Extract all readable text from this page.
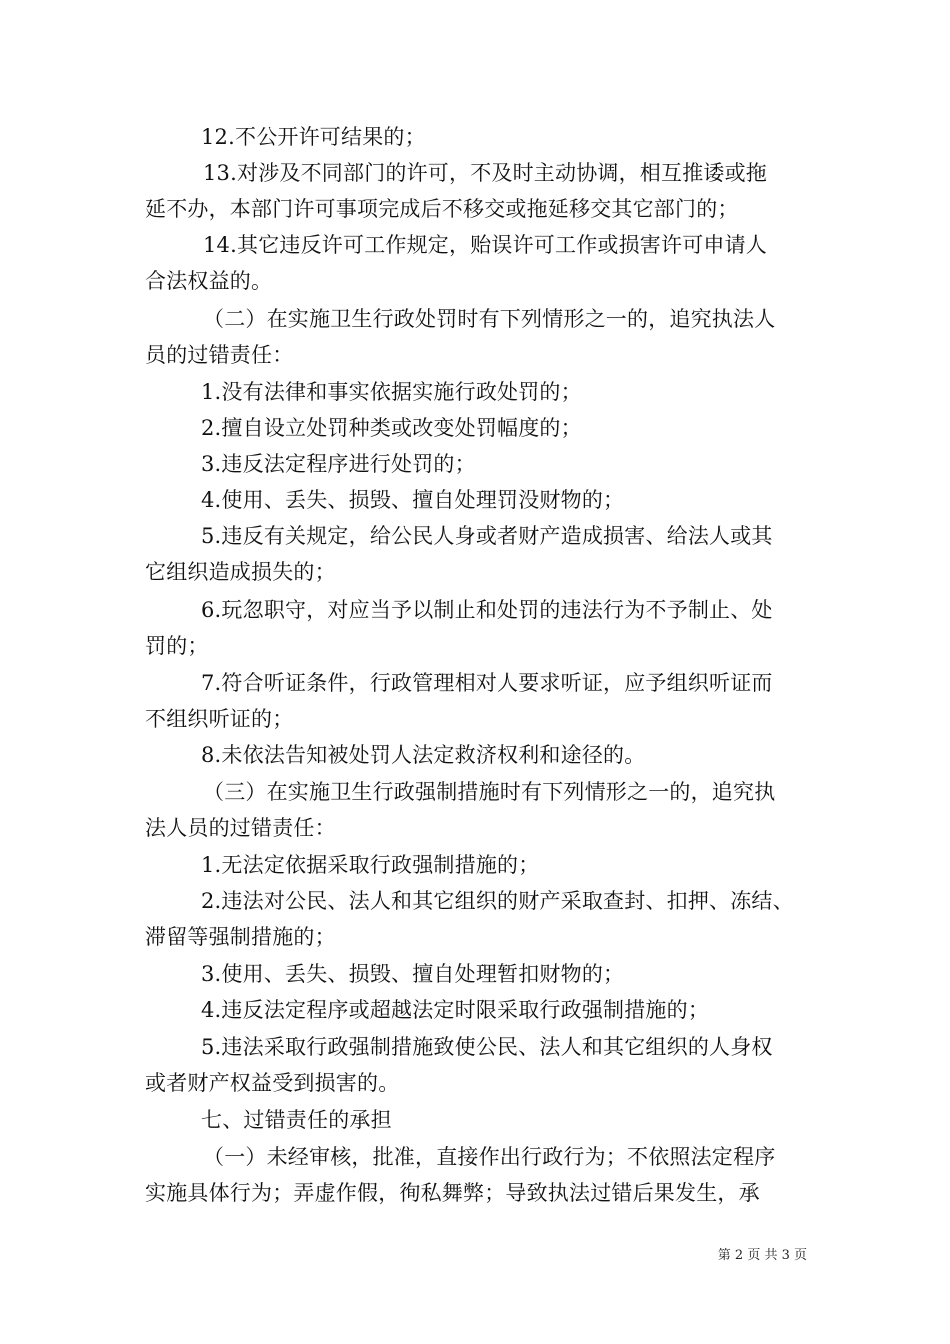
12.不公开许可结果的；
13.对涉及不同部门的许可，不及时主动协调，相互推诿或拖
延不办，本部门许可事项完成后不移交或拖延移交其它部门的；
14.其它违反许可工作规定，贻误许可工作或损害许可申请人
合法权益的。
（二）在实施卫生行政处罚时有下列情形之一的，追究执法人
员的过错责任：
1.没有法律和事实依据实施行政处罚的；
2.擅自设立处罚种类或改变处罚幅度的；
3.违反法定程序进行处罚的；
4.使用、丢失、损毁、擅自处理罚没财物的；
5.违反有关规定，给公民人身或者财产造成损害、给法人或其
它组织造成损失的；
6.玩忽职守，对应当予以制止和处罚的违法行为不予制止、处
罚的；
7.符合听证条件，行政管理相对人要求听证，应予组织听证而
不组织听证的；
8.未依法告知被处罚人法定救济权利和途径的。
（三）在实施卫生行政强制措施时有下列情形之一的，追究执
法人员的过错责任：
1.无法定依据采取行政强制措施的；
2.违法对公民、法人和其它组织的财产采取查封、扣押、冻结、
滞留等强制措施的；
3.使用、丢失、损毁、擅自处理暂扣财物的；
4.违反法定程序或超越法定时限采取行政强制措施的；
5.违法采取行政强制措施致使公民、法人和其它组织的人身权
或者财产权益受到损害的。
七、过错责任的承担
（一）未经审核，批准，直接作出行政行为；不依照法定程序
实施具体行为；弄虚作假，徇私舞弊；导致执法过错后果发生，承
第 2 页 共 3 页
